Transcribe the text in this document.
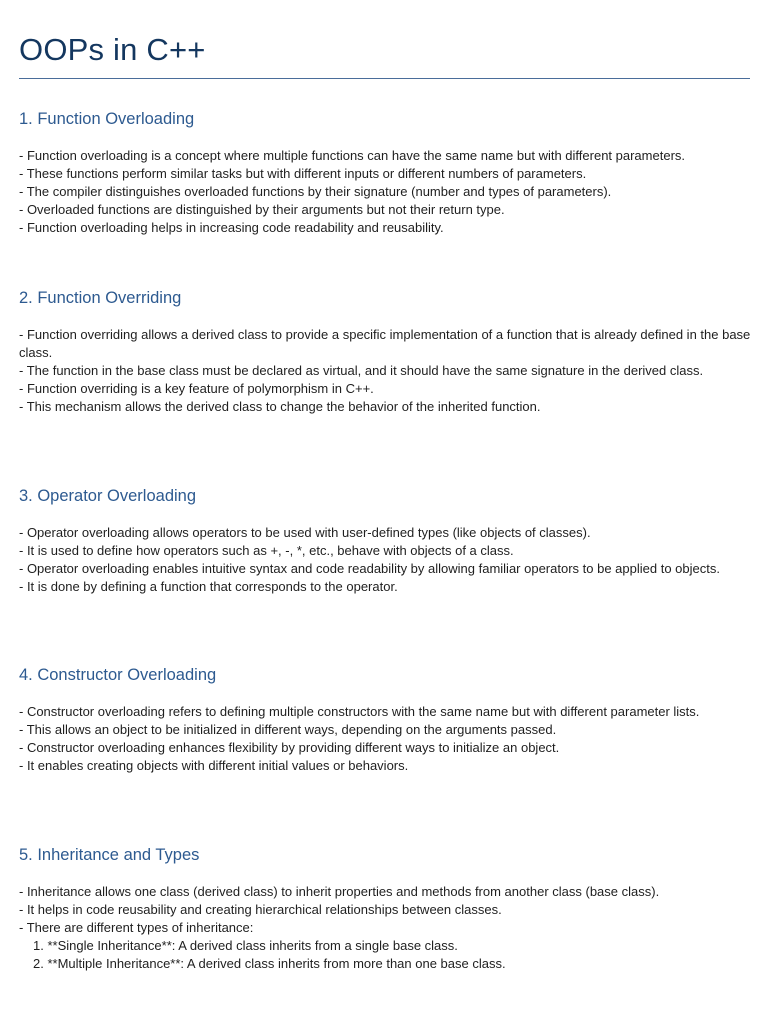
OOPs in C++
1. Function Overloading

- Function overloading is a concept where multiple functions can have the same name but with different parameters.

- These functions perform similar tasks but with different inputs or different numbers of parameters.

- The compiler distinguishes overloaded functions by their signature (number and types of parameters).

- Overloaded functions are distinguished by their arguments but not their return type.

- Function overloading helps in increasing code readability and reusability.

2. Function Overriding

- Function overriding allows a derived class to provide a specific implementation of a function that is already defined in the base class.

- The function in the base class must be declared as virtual, and it should have the same signature in the derived class.

- Function overriding is a key feature of polymorphism in C++.

- This mechanism allows the derived class to change the behavior of the inherited function.

3. Operator Overloading

- Operator overloading allows operators to be used with user-defined types (like objects of classes).

- It is used to define how operators such as +, -, *, etc., behave with objects of a class.

- Operator overloading enables intuitive syntax and code readability by allowing familiar operators to be applied to objects.

- It is done by defining a function that corresponds to the operator.

4. Constructor Overloading

- Constructor overloading refers to defining multiple constructors with the same name but with different parameter lists.

- This allows an object to be initialized in different ways, depending on the arguments passed.

- Constructor overloading enhances flexibility by providing different ways to initialize an object.

- It enables creating objects with different initial values or behaviors.

5. Inheritance and Types

- Inheritance allows one class (derived class) to inherit properties and methods from another class (base class).

- It helps in code reusability and creating hierarchical relationships between classes.

- There are different types of inheritance:

1. **Single Inheritance**: A derived class inherits from a single base class.

2. **Multiple Inheritance**: A derived class inherits from more than one base class.
